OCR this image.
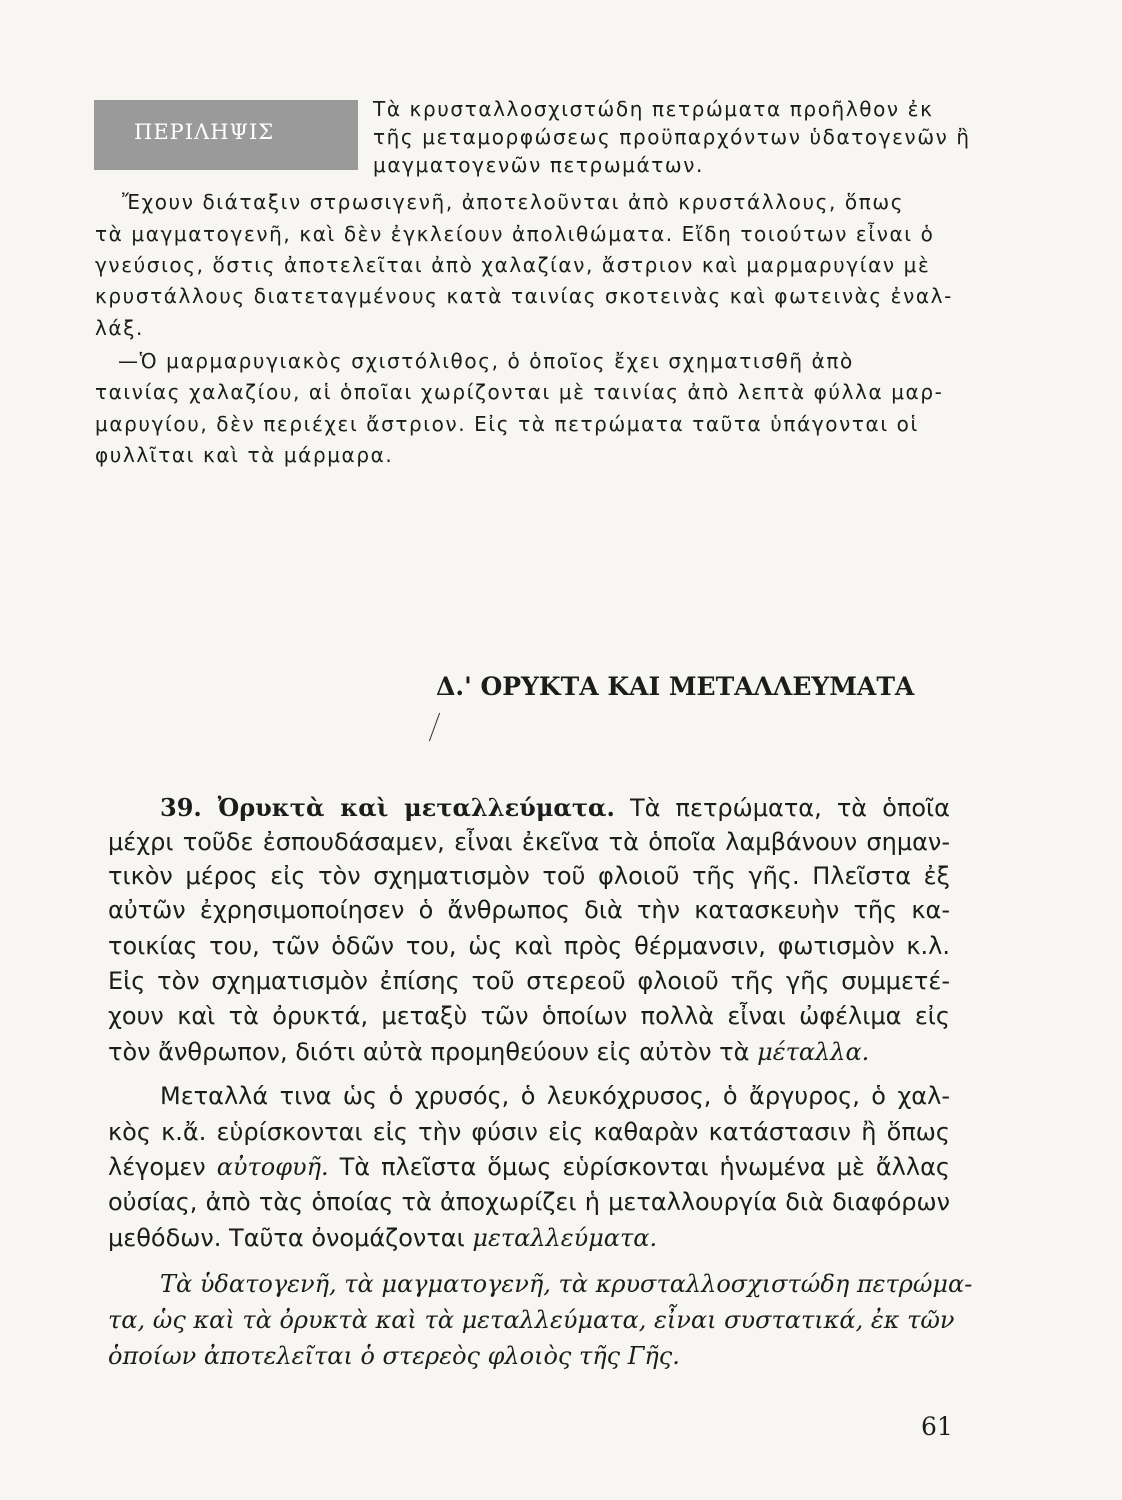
ΠΕΡΙΛΗΨΙΣ
Τὰ κρυσταλλοσχιστώδη πετρώματα προῆλθον ἐκ
τῆς μεταμορφώσεως προϋπαρχόντων ὑδατογενῶν ἢ
μαγματογενῶν πετρωμάτων.
Ἔχουν διάταξιν στρωσιγενῆ, ἀποτελοῦνται ἀπὸ κρυστάλλους, ὅπως
τὰ μαγματογενῆ, καὶ δὲν ἐγκλείουν ἀπολιθώματα. Εἴδη τοιούτων εἶναι ὁ
γνεύσιος, ὅστις ἀποτελεῖται ἀπὸ χαλαζίαν, ἄστριον καὶ μαρμαρυγίαν μὲ
κρυστάλλους διατεταγμένους κατὰ ταινίας σκοτεινὰς καὶ φωτεινὰς ἐναλ-
λάξ.
—Ὁ μαρμαρυγιακὸς σχιστόλιθος, ὁ ὁποῖος ἔχει σχηματισθῆ ἀπὸ
ταινίας χαλαζίου, αἱ ὁποῖαι χωρίζονται μὲ ταινίας ἀπὸ λεπτὰ φύλλα μαρ-
μαρυγίου, δὲν περιέχει ἄστριον. Εἰς τὰ πετρώματα ταῦτα ὑπάγονται οἱ
φυλλῖται καὶ τὰ μάρμαρα.
Δ.' ΟΡΥΚΤΑ ΚΑΙ ΜΕΤΑΛΛΕΥΜΑΤΑ
39. Ὀρυκτὰ καὶ μεταλλεύματα. Τὰ πετρώματα, τὰ ὁποῖα
μέχρι τοῦδε ἐσπουδάσαμεν, εἶναι ἐκεῖνα τὰ ὁποῖα λαμβάνουν σημαν-
τικὸν μέρος εἰς τὸν σχηματισμὸν τοῦ φλοιοῦ τῆς γῆς. Πλεῖστα ἐξ
αὐτῶν ἐχρησιμοποίησεν ὁ ἄνθρωπος διὰ τὴν κατασκευὴν τῆς κα-
τοικίας του, τῶν ὁδῶν του, ὡς καὶ πρὸς θέρμανσιν, φωτισμὸν κ.λ.
Εἰς τὸν σχηματισμὸν ἐπίσης τοῦ στερεοῦ φλοιοῦ τῆς γῆς συμμετέ-
χουν καὶ τὰ ὀρυκτά, μεταξὺ τῶν ὁποίων πολλὰ εἶναι ὠφέλιμα εἰς
τὸν ἄνθρωπον, διότι αὐτὰ προμηθεύουν εἰς αὐτὸν τὰ μέταλλα.
Μεταλλά τινα ὡς ὁ χρυσός, ὁ λευκόχρυσος, ὁ ἄργυρος, ὁ χαλ-
κὸς κ.ἄ. εὑρίσκονται εἰς τὴν φύσιν εἰς καθαρὰν κατάστασιν ἢ ὅπως
λέγομεν αὐτοφυῆ. Τὰ πλεῖστα ὅμως εὑρίσκονται ἡνωμένα μὲ ἄλλας
οὐσίας, ἀπὸ τὰς ὁποίας τὰ ἀποχωρίζει ἡ μεταλλουργία διὰ διαφόρων
μεθόδων. Ταῦτα ὀνομάζονται μεταλλεύματα.
Τὰ ὑδατογενῆ, τὰ μαγματογενῆ, τὰ κρυσταλλοσχιστώδη πετρώμα-
τα, ὡς καὶ τὰ ὀρυκτὰ καὶ τὰ μεταλλεύματα, εἶναι συστατικά, ἐκ τῶν
ὁποίων ἀποτελεῖται ὁ στερεὸς φλοιὸς τῆς Γῆς.
61
